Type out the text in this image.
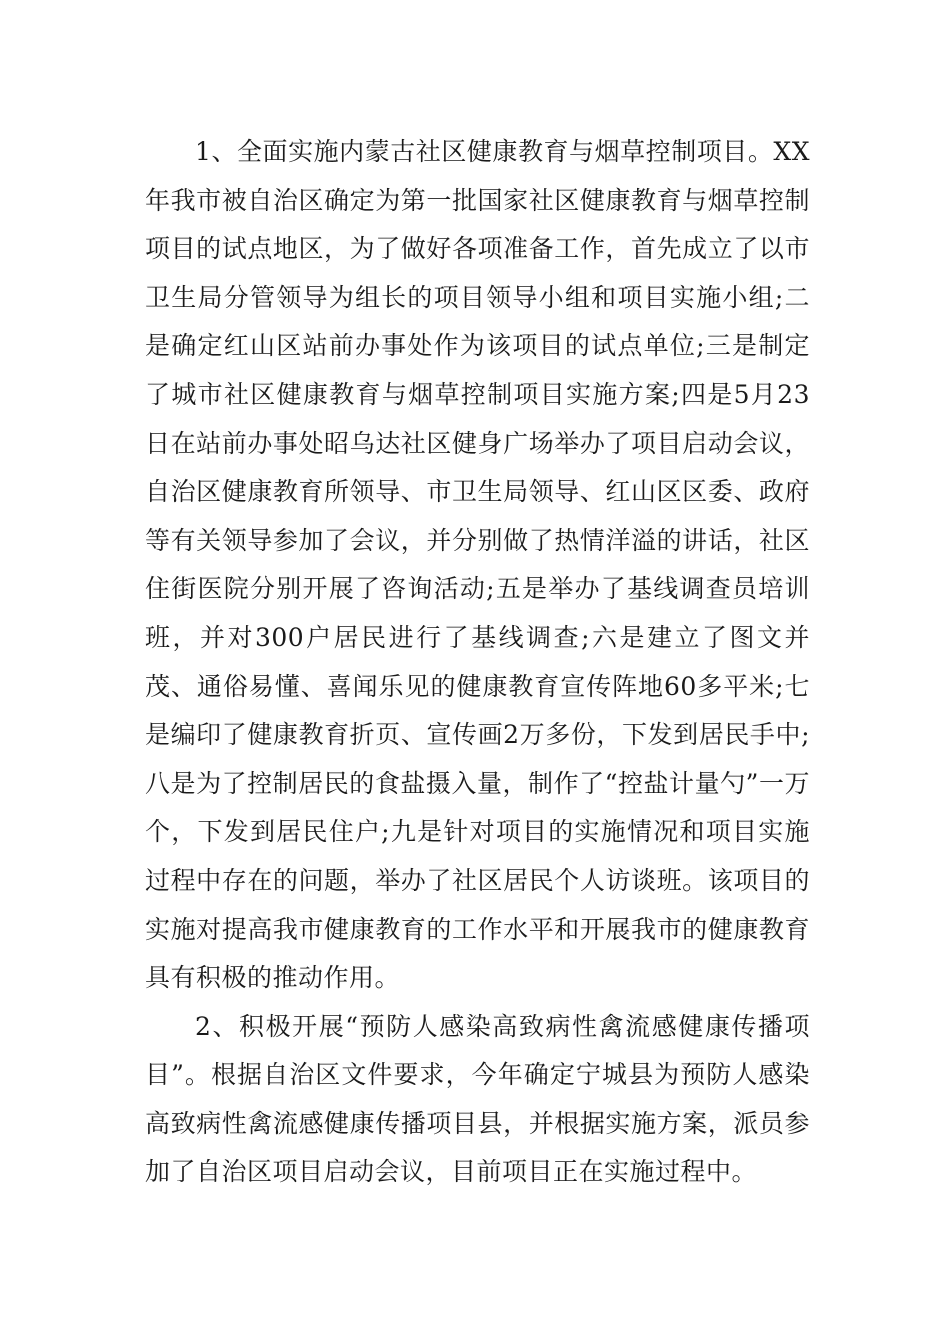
1、全面实施内蒙古社区健康教育与烟草控制项目。XX年我市被自治区确定为第一批国家社区健康教育与烟草控制项目的试点地区，为了做好各项准备工作，首先成立了以市卫生局分管领导为组长的项目领导小组和项目实施小组;二是确定红山区站前办事处作为该项目的试点单位;三是制定了城市社区健康教育与烟草控制项目实施方案;四是5月23日在站前办事处昭乌达社区健身广场举办了项目启动会议，自治区健康教育所领导、市卫生局领导、红山区区委、政府等有关领导参加了会议，并分别做了热情洋溢的讲话，社区住街医院分别开展了咨询活动;五是举办了基线调查员培训班，并对300户居民进行了基线调查;六是建立了图文并茂、通俗易懂、喜闻乐见的健康教育宣传阵地60多平米;七是编印了健康教育折页、宣传画2万多份，下发到居民手中;八是为了控制居民的食盐摄入量，制作了“控盐计量勺”一万个，下发到居民住户;九是针对项目的实施情况和项目实施过程中存在的问题，举办了社区居民个人访谈班。该项目的实施对提高我市健康教育的工作水平和开展我市的健康教育具有积极的推动作用。

2、积极开展“预防人感染高致病性禽流感健康传播项目”。根据自治区文件要求，今年确定宁城县为预防人感染高致病性禽流感健康传播项目县，并根据实施方案，派员参加了自治区项目启动会议，目前项目正在实施过程中。
